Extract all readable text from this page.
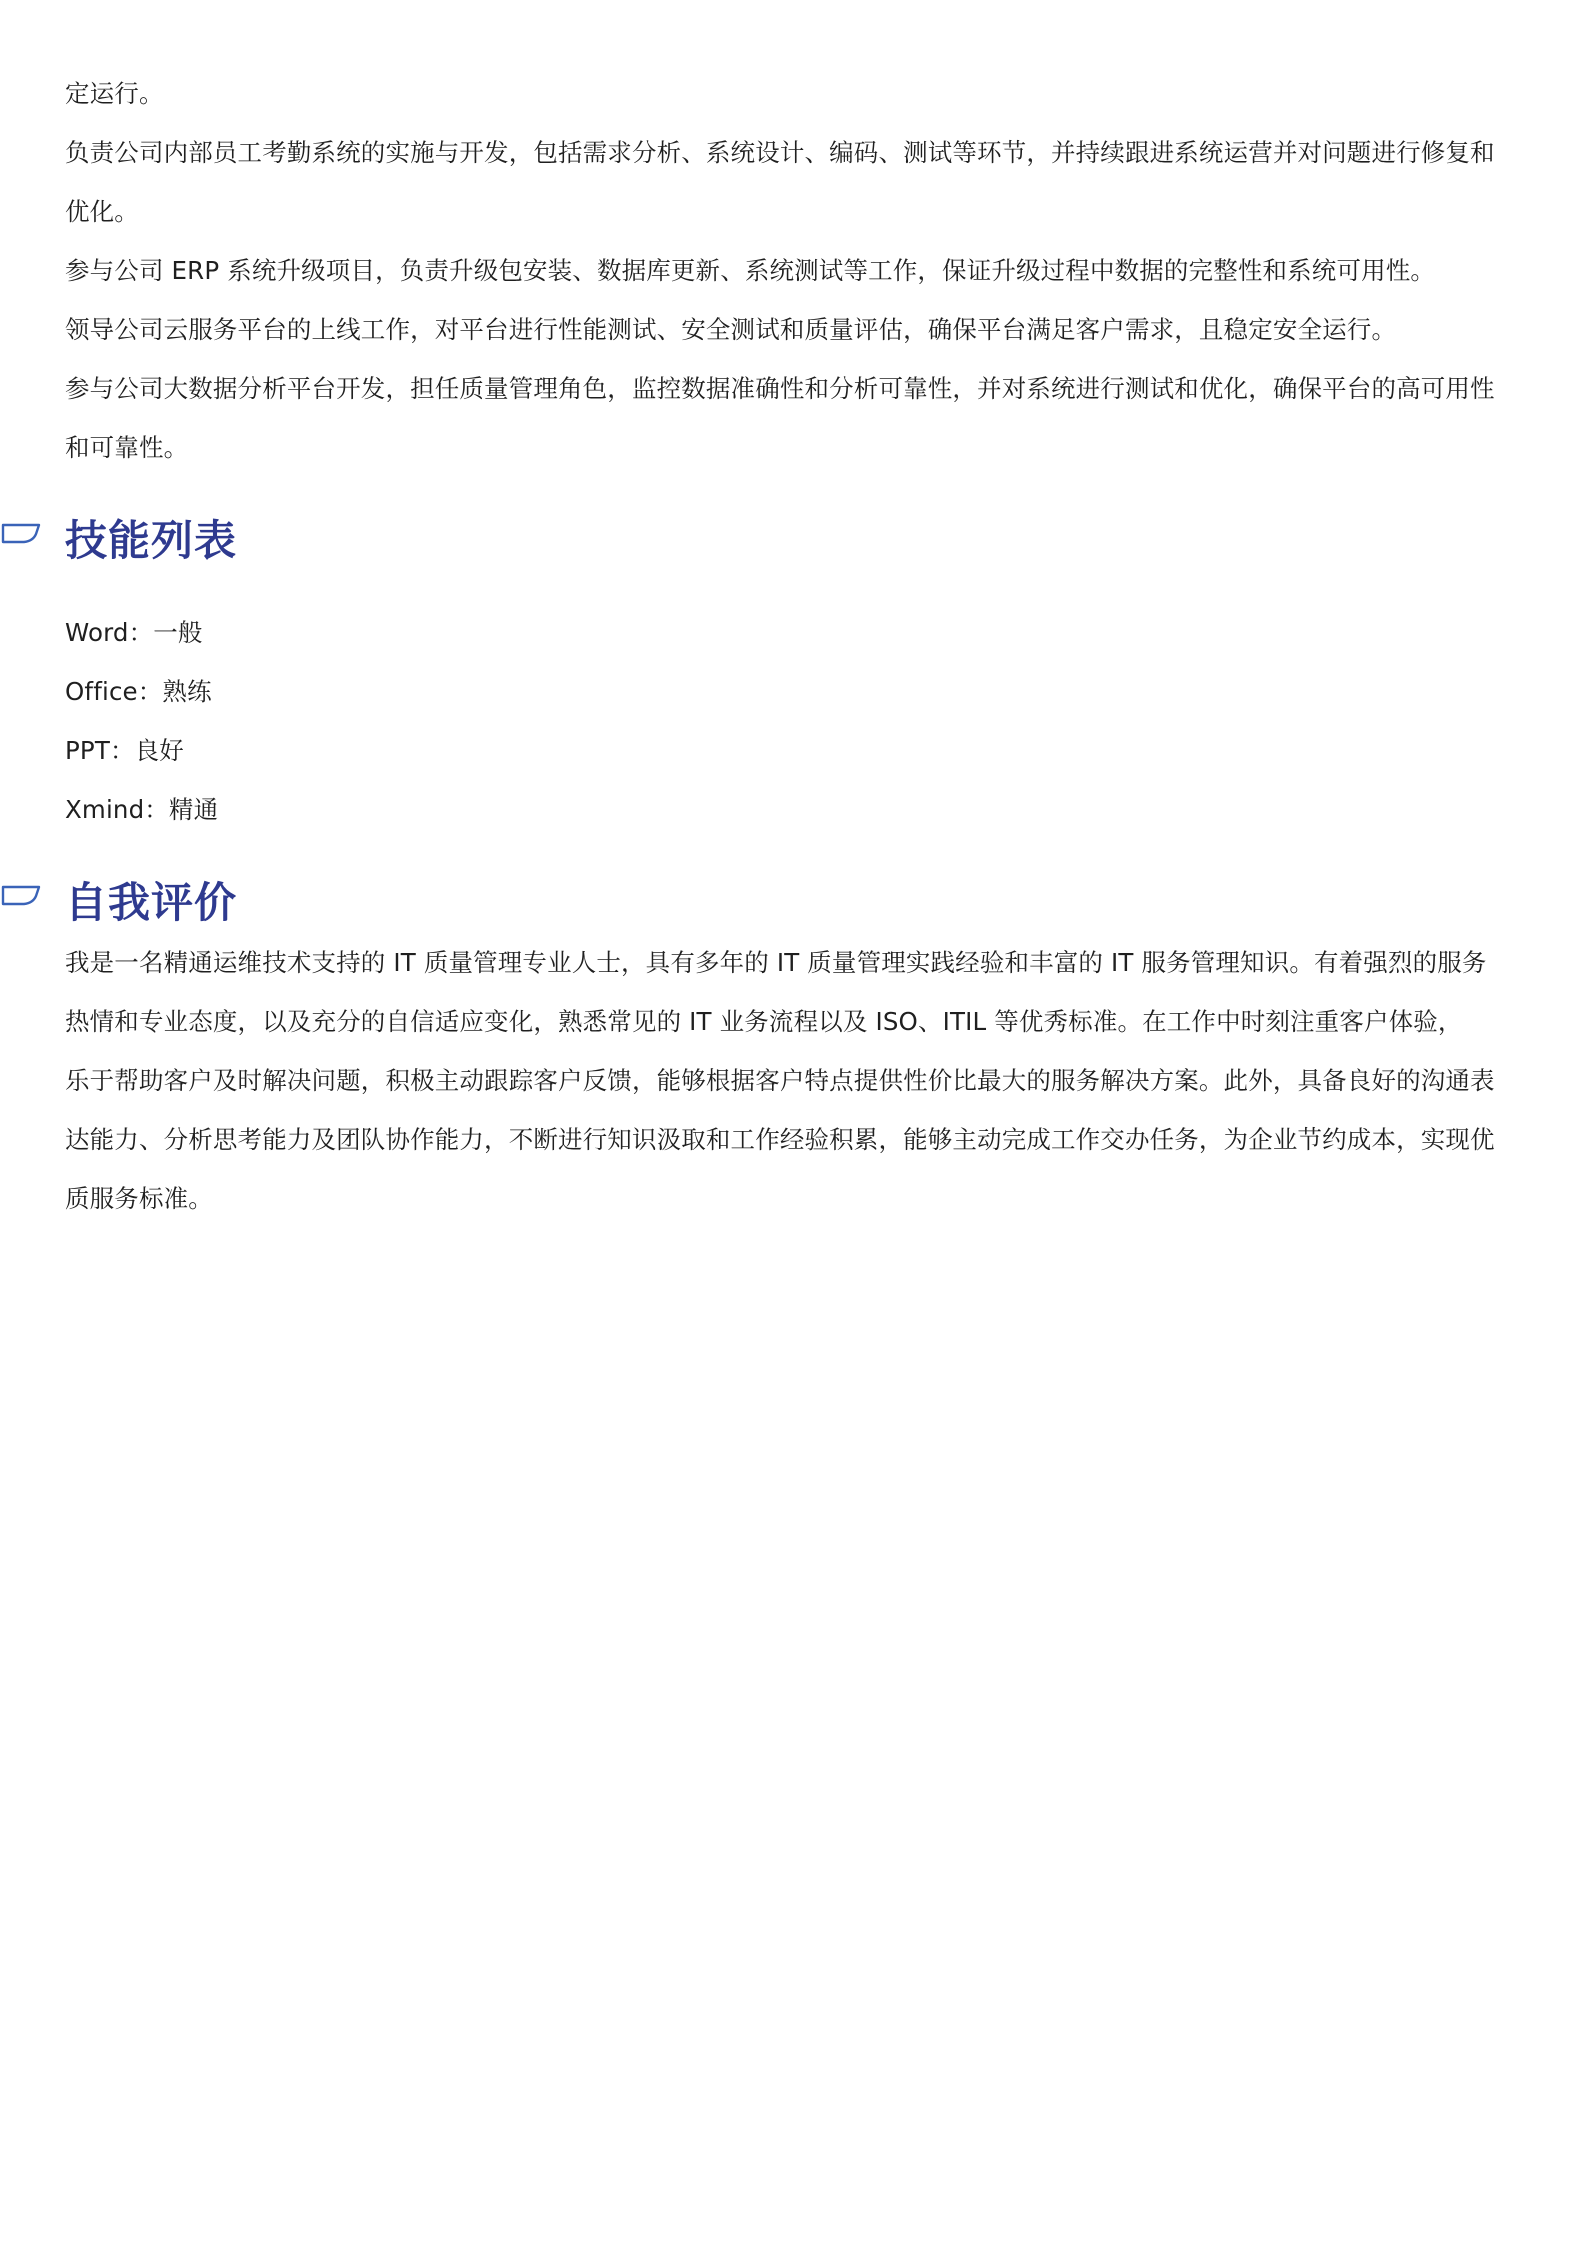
定运行。
负责公司内部员工考勤系统的实施与开发，包括需求分析、系统设计、编码、测试等环节，并持续跟进系统运营并对问题进行修复和
优化。
参与公司 ERP 系统升级项目，负责升级包安装、数据库更新、系统测试等工作，保证升级过程中数据的完整性和系统可用性。
领导公司云服务平台的上线工作，对平台进行性能测试、安全测试和质量评估，确保平台满足客户需求，且稳定安全运行。
参与公司大数据分析平台开发，担任质量管理角色，监控数据准确性和分析可靠性，并对系统进行测试和优化，确保平台的高可用性
和可靠性。
技能列表
Word：一般
Office：熟练
PPT：良好
Xmind：精通
自我评价
我是一名精通运维技术支持的 IT 质量管理专业人士，具有多年的 IT 质量管理实践经验和丰富的 IT 服务管理知识。有着强烈的服务
热情和专业态度，以及充分的自信适应变化，熟悉常见的 IT 业务流程以及 ISO、ITIL 等优秀标准。在工作中时刻注重客户体验，
乐于帮助客户及时解决问题，积极主动跟踪客户反馈，能够根据客户特点提供性价比最大的服务解决方案。此外，具备良好的沟通表
达能力、分析思考能力及团队协作能力，不断进行知识汲取和工作经验积累，能够主动完成工作交办任务，为企业节约成本，实现优
质服务标准。
